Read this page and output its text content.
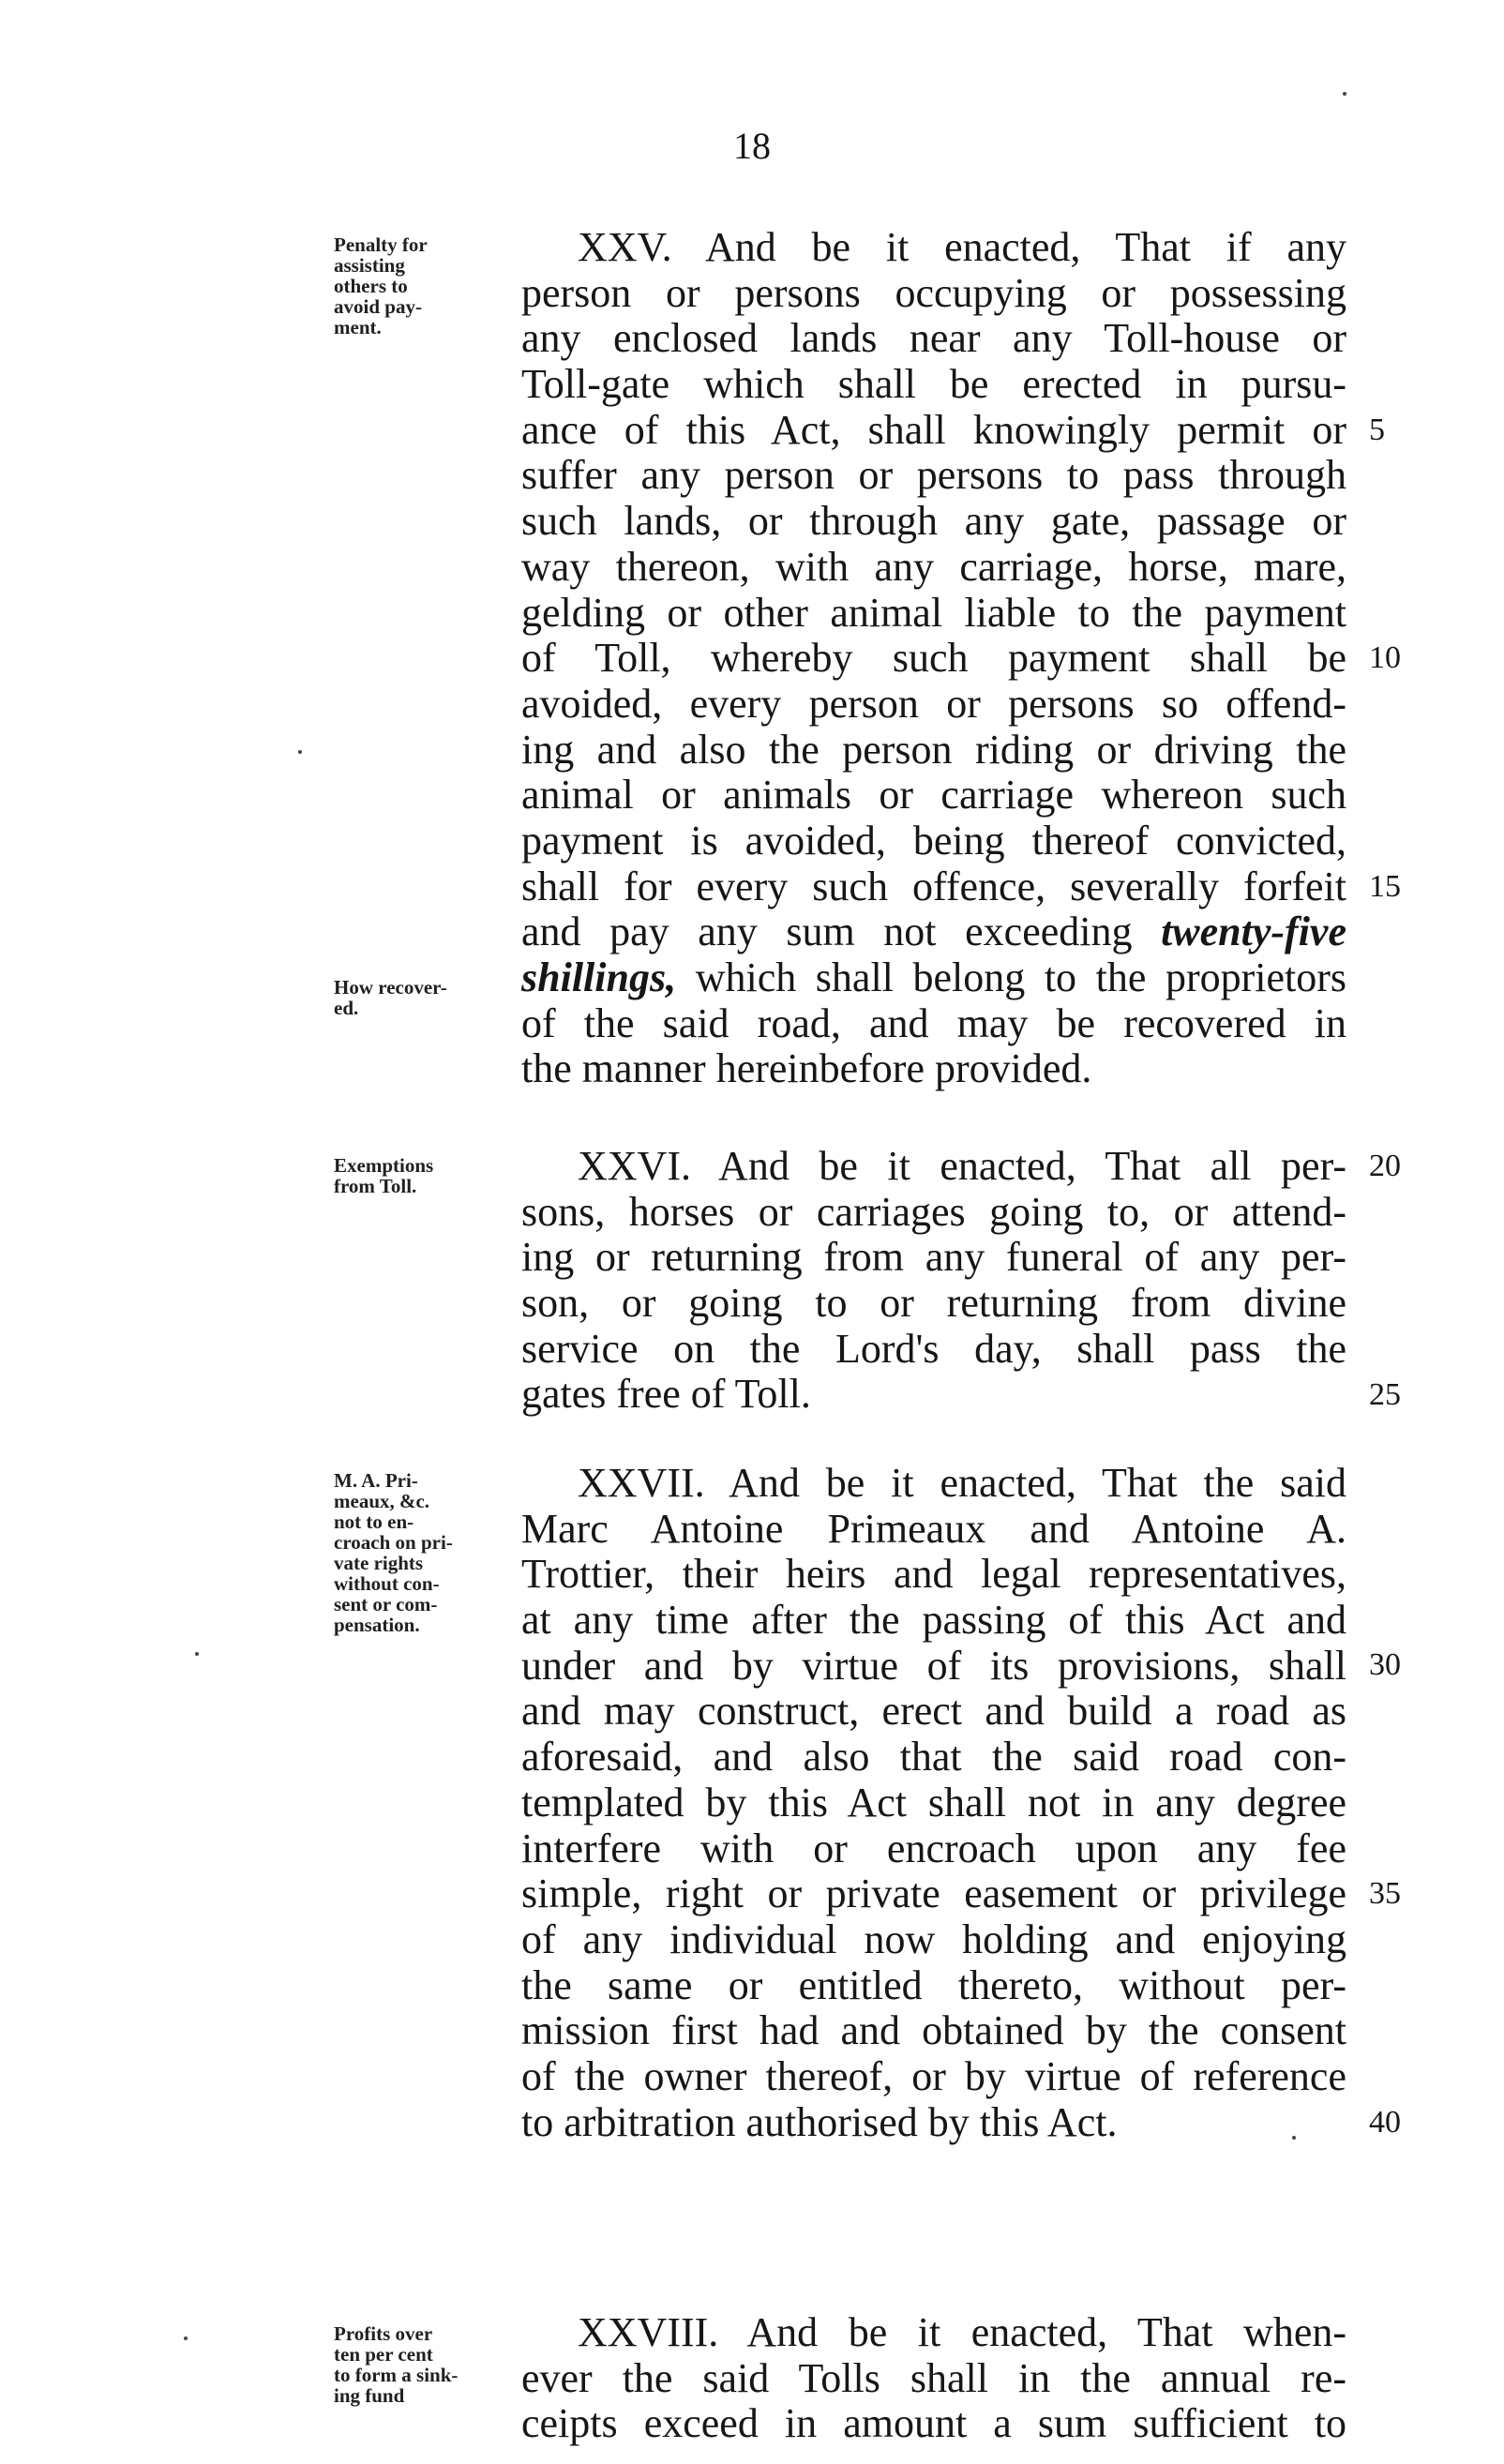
18
Penalty for
assisting
others to
avoid pay-
ment.
XXV. And be it enacted, That if any
person or persons occupying or possessing
any enclosed lands near any Toll-house or
Toll-gate which shall be erected in pursu-
ance of this Act, shall knowingly permit or
suffer any person or persons to pass through
such lands, or through any gate, passage or
way thereon, with any carriage, horse, mare,
gelding or other animal liable to the payment
of Toll, whereby such payment shall be
avoided, every person or persons so offend-
ing and also the person riding or driving the
animal or animals or carriage whereon such
payment is avoided, being thereof convicted,
shall for every such offence, severally forfeit
and pay any sum not exceeding twenty-five
shillings, which shall belong to the proprietors
of the said road, and may be recovered in
the manner hereinbefore provided.
How recover-
ed.
Exemptions
from Toll.	XXVI. And be it enacted, That all per-
sons, horses or carriages going to, or attend-
ing or returning from any funeral of any per-
son, or going to or returning from divine
service on the Lord's day, shall pass the
gates free of Toll.
M. A. Pri-
meaux, &c.
not to en-
croach on pri-
vate rights
without con-
sent or com-
pensation.
XXVII. And be it enacted, That the said
Marc Antoine Primeaux and Antoine A.
Trottier, their heirs and legal representatives,
at any time after the passing of this Act and
under and by virtue of its provisions, shall
and may construct, erect and build a road as
aforesaid, and also that the said road con-
templated by this Act shall not in any degree
interfere with or encroach upon any fee
simple, right or private easement or privilege
of any individual now holding and enjoying
the same or entitled thereto, without per-
mission first had and obtained by the consent
of the owner thereof, or by virtue of reference
to arbitration authorised by this Act.
Profits over
ten per cent
to form a sink-
ing fund
XXVIII. And be it enacted, That when-
ever the said Tolls shall in the annual re-
ceipts exceed in amount a sum sufficient to
5
10
15
20
25
30
35
40
